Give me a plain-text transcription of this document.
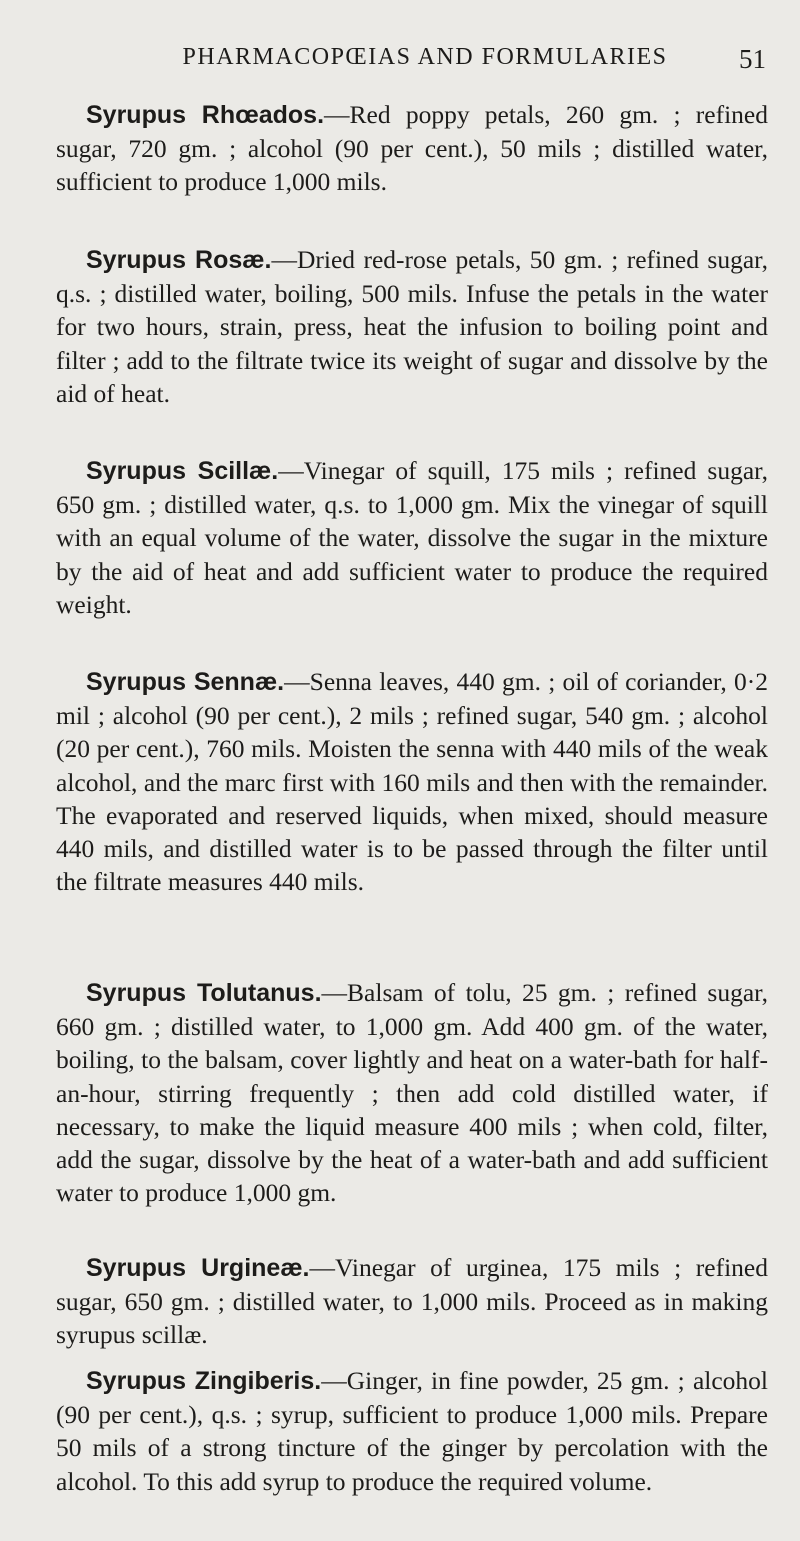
PHARMACOPŒIAS AND FORMULARIES	51

Syrupus Rhœados.—Red poppy petals, 260 gm. ; refined sugar, 720 gm. ; alcohol (90 per cent.), 50 mils ; distilled water, sufficient to produce 1,000 mils.

Syrupus Rosæ.—Dried red-rose petals, 50 gm. ; refined sugar, q.s. ; distilled water, boiling, 500 mils. Infuse the petals in the water for two hours, strain, press, heat the infusion to boiling point and filter ; add to the filtrate twice its weight of sugar and dissolve by the aid of heat.

Syrupus Scillæ.—Vinegar of squill, 175 mils ; refined sugar, 650 gm. ; distilled water, q.s. to 1,000 gm. Mix the vinegar of squill with an equal volume of the water, dissolve the sugar in the mixture by the aid of heat and add sufficient water to produce the required weight.

Syrupus Sennæ.—Senna leaves, 440 gm. ; oil of coriander, 0·2 mil ; alcohol (90 per cent.), 2 mils ; refined sugar, 540 gm. ; alcohol (20 per cent.), 760 mils. Moisten the senna with 440 mils of the weak alcohol, and the marc first with 160 mils and then with the remainder. The evaporated and reserved liquids, when mixed, should measure 440 mils, and distilled water is to be passed through the filter until the filtrate measures 440 mils.

Syrupus Tolutanus.—Balsam of tolu, 25 gm. ; refined sugar, 660 gm. ; distilled water, to 1,000 gm. Add 400 gm. of the water, boiling, to the balsam, cover lightly and heat on a water-bath for half-an-hour, stirring frequently ; then add cold distilled water, if necessary, to make the liquid measure 400 mils ; when cold, filter, add the sugar, dissolve by the heat of a water-bath and add sufficient water to produce 1,000 gm.

Syrupus Urgineæ.—Vinegar of urginea, 175 mils ; refined sugar, 650 gm. ; distilled water, to 1,000 mils. Proceed as in making syrupus scillæ.

Syrupus Zingiberis.—Ginger, in fine powder, 25 gm. ; alcohol (90 per cent.), q.s. ; syrup, sufficient to produce 1,000 mils. Prepare 50 mils of a strong tincture of the ginger by percolation with the alcohol. To this add syrup to produce the required volume.
